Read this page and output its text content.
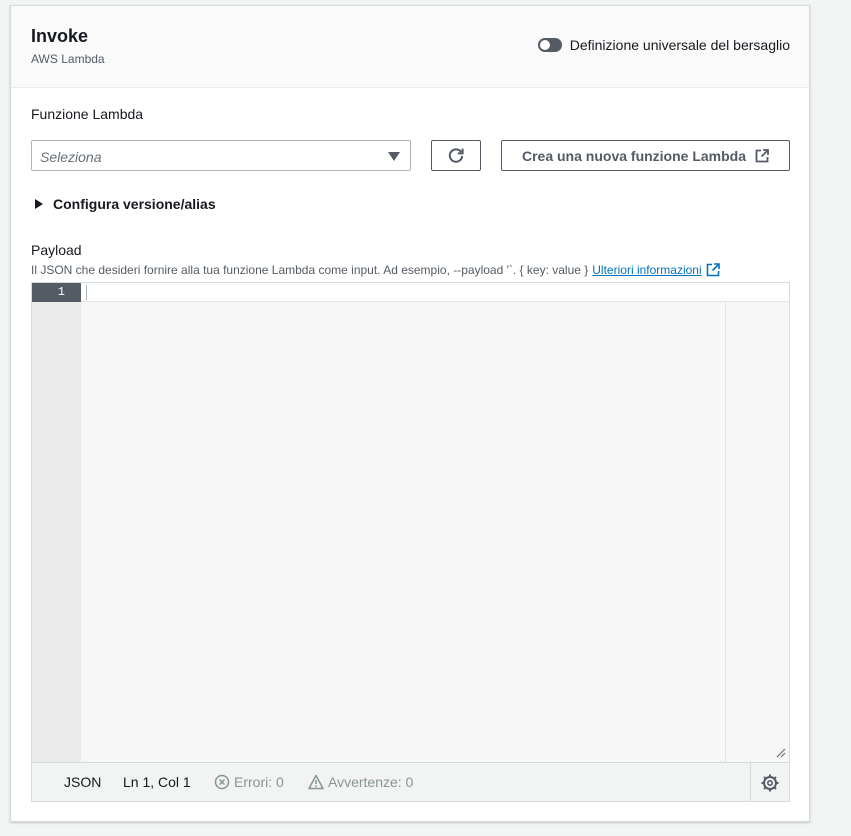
Invoke
AWS Lambda
Definizione universale del bersaglio
Funzione Lambda
Seleziona	Crea una nuova funzione Lambda
Configura versione/alias
Payload
Il JSON che desideri fornire alla tua funzione Lambda come input. Ad esempio, --payload '`. { key: value } Ulteriori informazioni
1
JSON Ln 1, Col 1	Errori: 0	Avvertenze: 0
